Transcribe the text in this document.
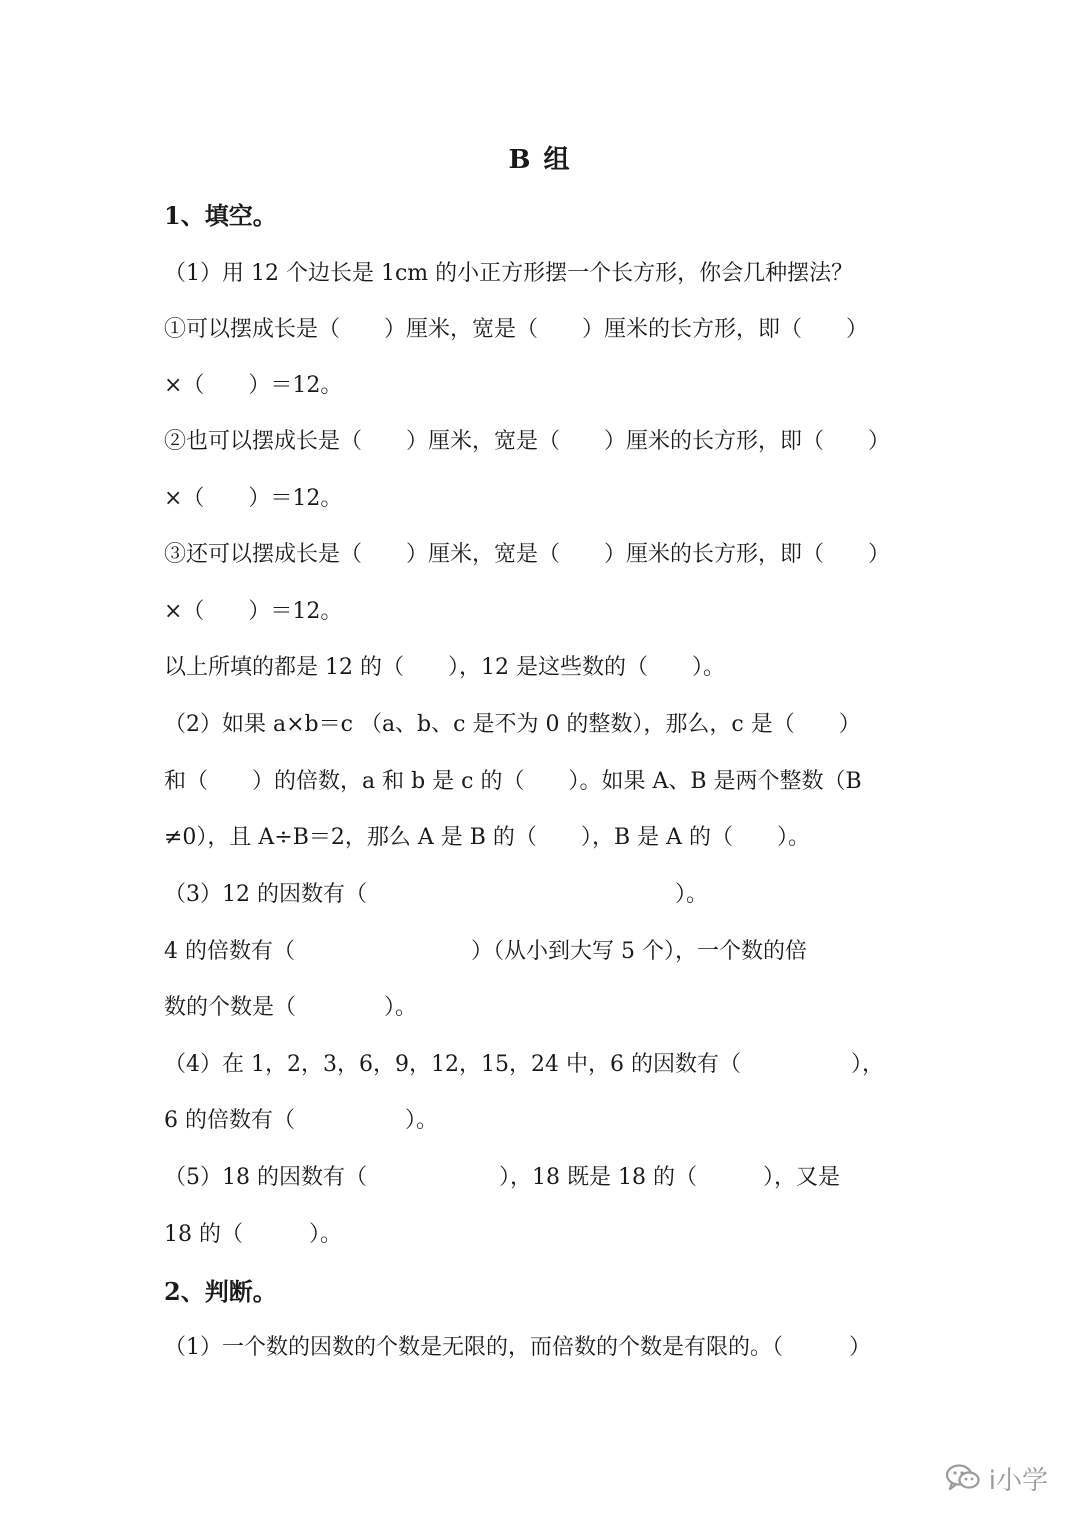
B 组
1、填空。
（1）用 12 个边长是 1cm 的小正方形摆一个长方形，你会几种摆法？
①可以摆成长是（　　）厘米，宽是（　　）厘米的长方形，即（　　）
×（　　）＝12。
②也可以摆成长是（　　）厘米，宽是（　　）厘米的长方形，即（　　）
×（　　）＝12。
③还可以摆成长是（　　）厘米，宽是（　　）厘米的长方形，即（　　）
×（　　）＝12。
以上所填的都是 12 的（　　），12 是这些数的（　　）。
（2）如果 a×b＝c （a、b、c 是不为 0 的整数），那么，c 是（　　）
和（　　）的倍数，a 和 b 是 c 的（　　）。如果 A、B 是两个整数（B
≠0），且 A÷B＝2，那么 A 是 B 的（　　），B 是 A 的（　　）。
（3）12 的因数有（　　　　　　　　　　　　　　）。
4 的倍数有（　　　　　　　　）（从小到大写 5 个），一个数的倍
数的个数是（　　　　）。
（4）在 1，2，3，6，9，12，15，24 中，6 的因数有（　　　　　），
6 的倍数有（　　　　　）。
（5）18 的因数有（　　　　　　），18 既是 18 的（　　　），又是
18 的（　　　）。
2、判断。
（1）一个数的因数的个数是无限的，而倍数的个数是有限的。（　　　）
i小学
